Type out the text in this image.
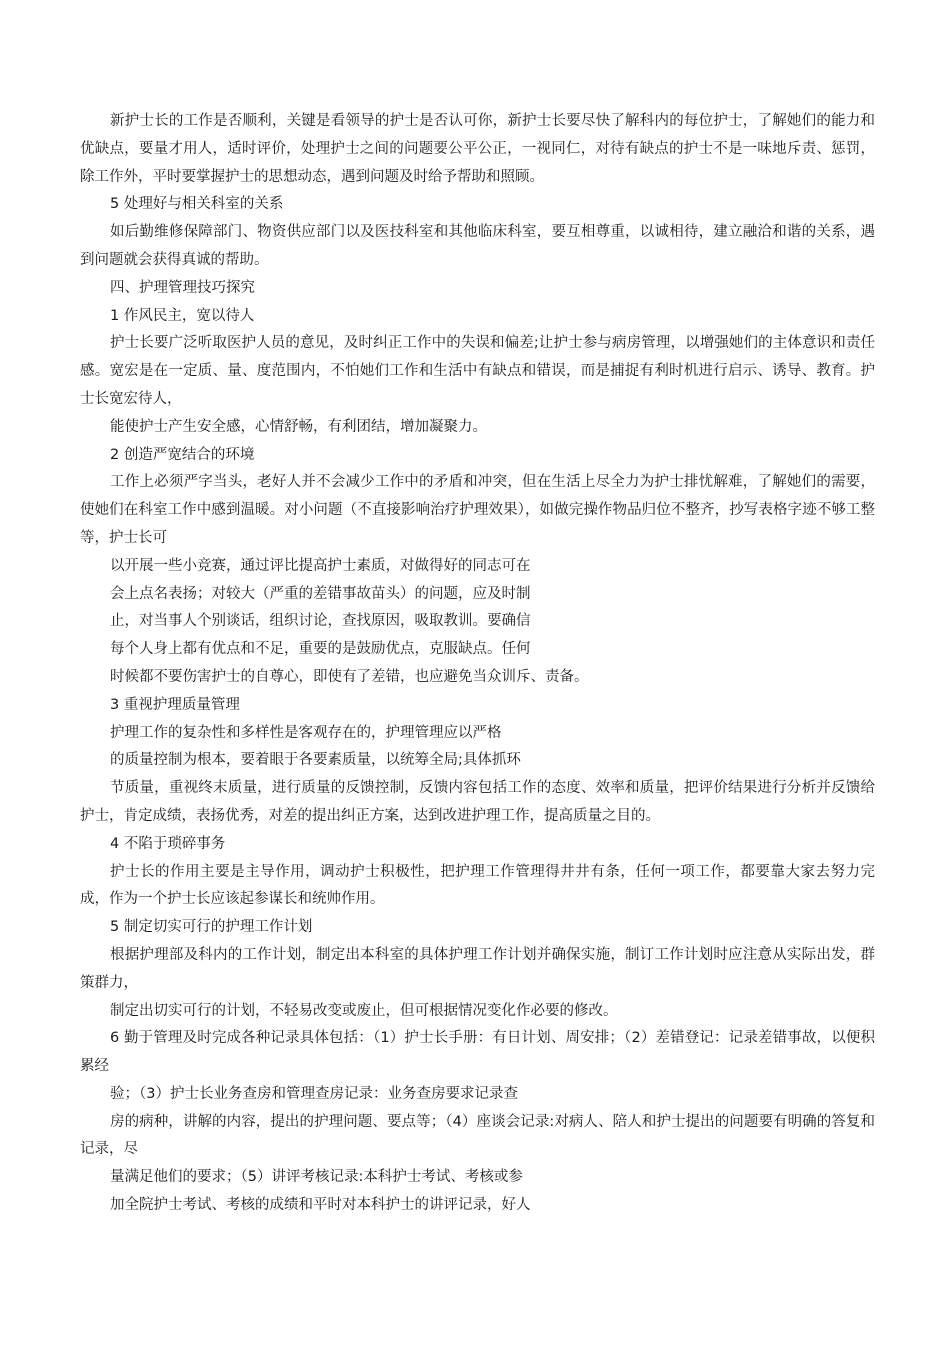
新护士长的工作是否顺利，关键是看领导的护士是否认可你，新护士长要尽快了解科内的每位护士，了解她们的能力和优缺点，要量才用人，适时评价，处理护士之间的问题要公平公正，一视同仁，对待有缺点的护士不是一味地斥责、惩罚，除工作外，平时要掌握护士的思想动态，遇到问题及时给予帮助和照顾。

5 处理好与相关科室的关系

如后勤维修保障部门、物资供应部门以及医技科室和其他临床科室，要互相尊重，以诚相待，建立融洽和谐的关系，遇到问题就会获得真诚的帮助。

四、护理管理技巧探究

1 作风民主，宽以待人

护士长要广泛听取医护人员的意见，及时纠正工作中的失误和偏差;让护士参与病房管理，以增强她们的主体意识和责任感。宽宏是在一定质、量、度范围内，不怕她们工作和生活中有缺点和错误，而是捕捉有利时机进行启示、诱导、教育。护士长宽宏待人，

能使护士产生安全感，心情舒畅，有利团结，增加凝聚力。

2 创造严宽结合的环境

工作上必须严字当头，老好人并不会减少工作中的矛盾和冲突，但在生活上尽全力为护士排忧解难，了解她们的需要，使她们在科室工作中感到温暖。对小问题（不直接影响治疗护理效果），如做完操作物品归位不整齐，抄写表格字迹不够工整等，护士长可

以开展一些小竞赛，通过评比提高护士素质，对做得好的同志可在

会上点名表扬；对较大（严重的差错事故苗头）的问题，应及时制

止，对当事人个别谈话，组织讨论，查找原因，吸取教训。要确信

每个人身上都有优点和不足，重要的是鼓励优点，克服缺点。任何

时候都不要伤害护士的自尊心，即使有了差错，也应避免当众训斥、责备。

3 重视护理质量管理

护理工作的复杂性和多样性是客观存在的，护理管理应以严格

的质量控制为根本，要着眼于各要素质量，以统筹全局;具体抓环

节质量，重视终末质量，进行质量的反馈控制，反馈内容包括工作的态度、效率和质量，把评价结果进行分析并反馈给护士，肯定成绩，表扬优秀，对差的提出纠正方案，达到改进护理工作，提高质量之目的。

4 不陷于琐碎事务

护士长的作用主要是主导作用，调动护士积极性，把护理工作管理得井井有条，任何一项工作，都要靠大家去努力完成，作为一个护士长应该起参谋长和统帅作用。

5 制定切实可行的护理工作计划

根据护理部及科内的工作计划，制定出本科室的具体护理工作计划并确保实施，制订工作计划时应注意从实际出发，群策群力，

制定出切实可行的计划，不轻易改变或废止，但可根据情况变化作必要的修改。

6 勤于管理及时完成各种记录具体包括：（1）护士长手册：有日计划、周安排；（2）差错登记：记录差错事故，以便积累经

验；（3）护士长业务查房和管理查房记录：业务查房要求记录查

房的病种，讲解的内容，提出的护理问题、要点等；（4）座谈会记录:对病人、陪人和护士提出的问题要有明确的答复和记录，尽

量满足他们的要求；（5）讲评考核记录:本科护士考试、考核或参

加全院护士考试、考核的成绩和平时对本科护士的讲评记录，好人
